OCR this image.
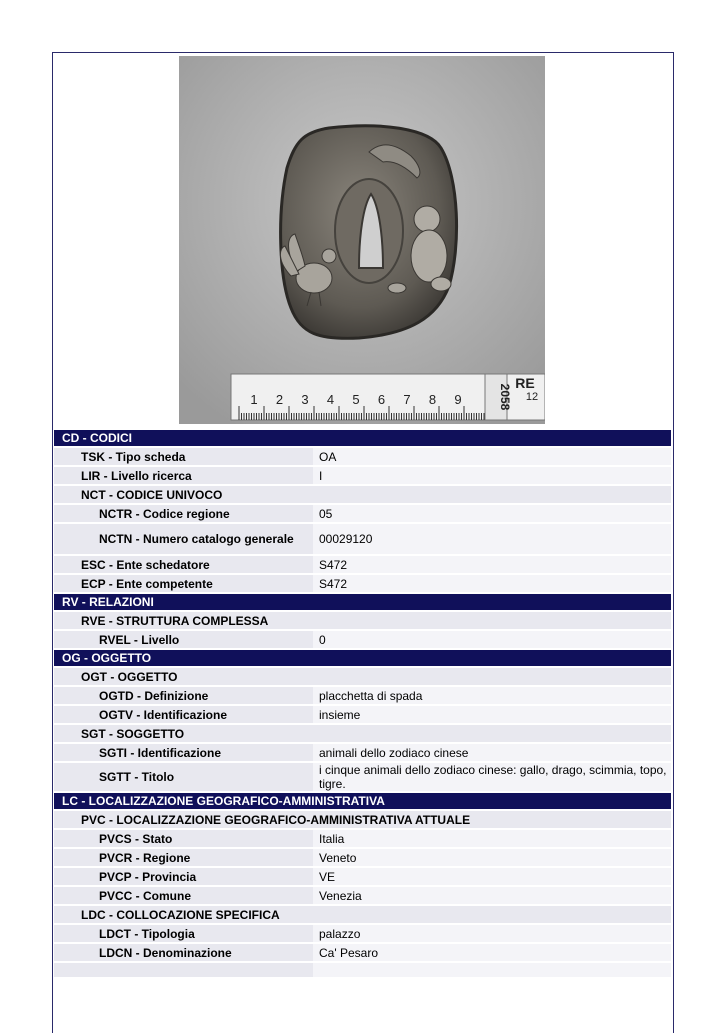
1 2 3 4 5 6 7 8 9	2058
RE
12
CD - CODICI	
TSK - Tipo scheda	OA
LIR - Livello ricerca	I
NCT - CODICE UNIVOCO	
NCTR - Codice regione	05
NCTN - Numero catalogo generale	00029120
ESC - Ente schedatore	S472
ECP - Ente competente	S472
RV - RELAZIONI	
RVE - STRUTTURA COMPLESSA	
RVEL - Livello	0
OG - OGGETTO	
OGT - OGGETTO	
OGTD - Definizione	placchetta di spada
OGTV - Identificazione	insieme
SGT - SOGGETTO	
SGTI - Identificazione	animali dello zodiaco cinese
SGTT - Titolo	i cinque animali dello zodiaco cinese: gallo, drago, scimmia, topo, tigre.
LC - LOCALIZZAZIONE GEOGRAFICO-AMMINISTRATIVA	
PVC - LOCALIZZAZIONE GEOGRAFICO-AMMINISTRATIVA ATTUALE	
PVCS - Stato	Italia
PVCR - Regione	Veneto
PVCP - Provincia	VE
PVCC - Comune	Venezia
LDC - COLLOCAZIONE SPECIFICA	
LDCT - Tipologia	palazzo
LDCN - Denominazione	Ca' Pesaro
